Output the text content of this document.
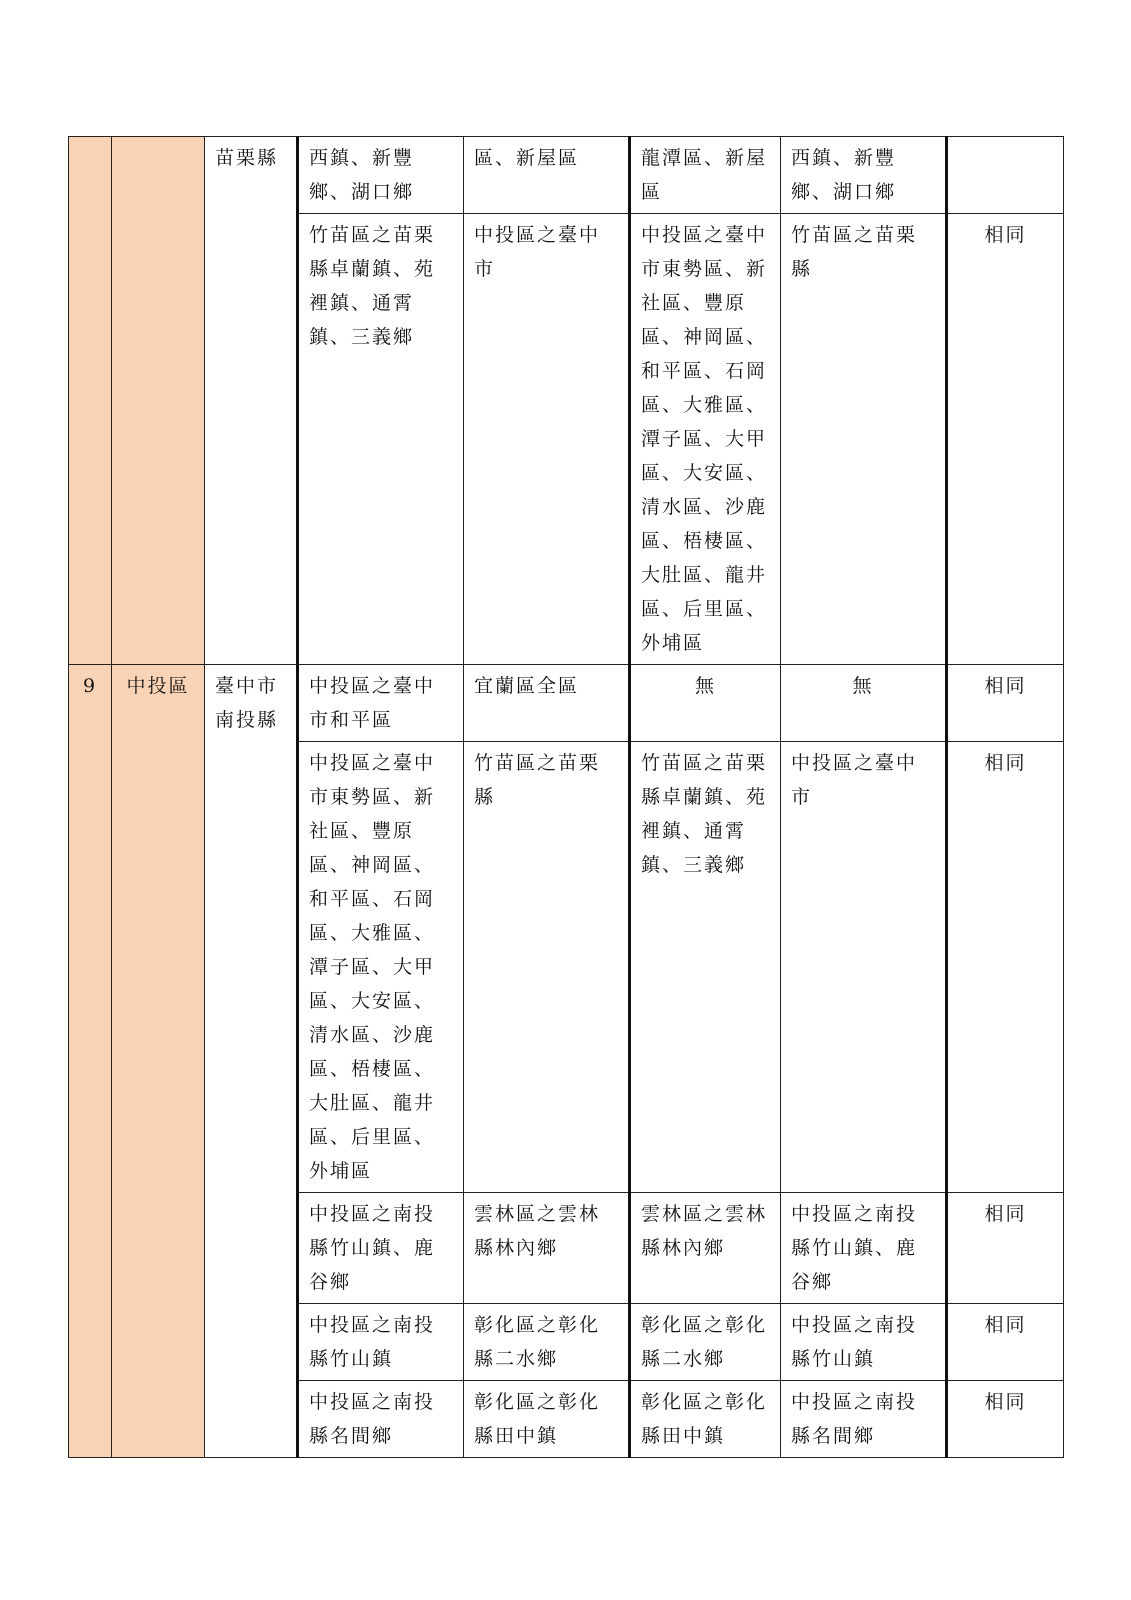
		苗栗縣	西鎮、新豐鄉、湖口鄉	區、新屋區	龍潭區、新屋區	西鎮、新豐鄉、湖口鄉	
			竹苗區之苗栗縣卓蘭鎮、苑裡鎮、通霄鎮、三義鄉	中投區之臺中市	中投區之臺中市東勢區、新社區、豐原區、神岡區、和平區、石岡區、大雅區、潭子區、大甲區、大安區、清水區、沙鹿區、梧棲區、大肚區、龍井區、后里區、外埔區	竹苗區之苗栗縣	相同
9	中投區	臺中市南投縣	中投區之臺中市和平區	宜蘭區全區	無	無	相同
			中投區之臺中市東勢區、新社區、豐原區、神岡區、和平區、石岡區、大雅區、潭子區、大甲區、大安區、清水區、沙鹿區、梧棲區、大肚區、龍井區、后里區、外埔區	竹苗區之苗栗縣	竹苗區之苗栗縣卓蘭鎮、苑裡鎮、通霄鎮、三義鄉	中投區之臺中市	相同
			中投區之南投縣竹山鎮、鹿谷鄉	雲林區之雲林縣林內鄉	雲林區之雲林縣林內鄉	中投區之南投縣竹山鎮、鹿谷鄉	相同
			中投區之南投縣竹山鎮	彰化區之彰化縣二水鄉	彰化區之彰化縣二水鄉	中投區之南投縣竹山鎮	相同
			中投區之南投縣名間鄉	彰化區之彰化縣田中鎮	彰化區之彰化縣田中鎮	中投區之南投縣名間鄉	相同
